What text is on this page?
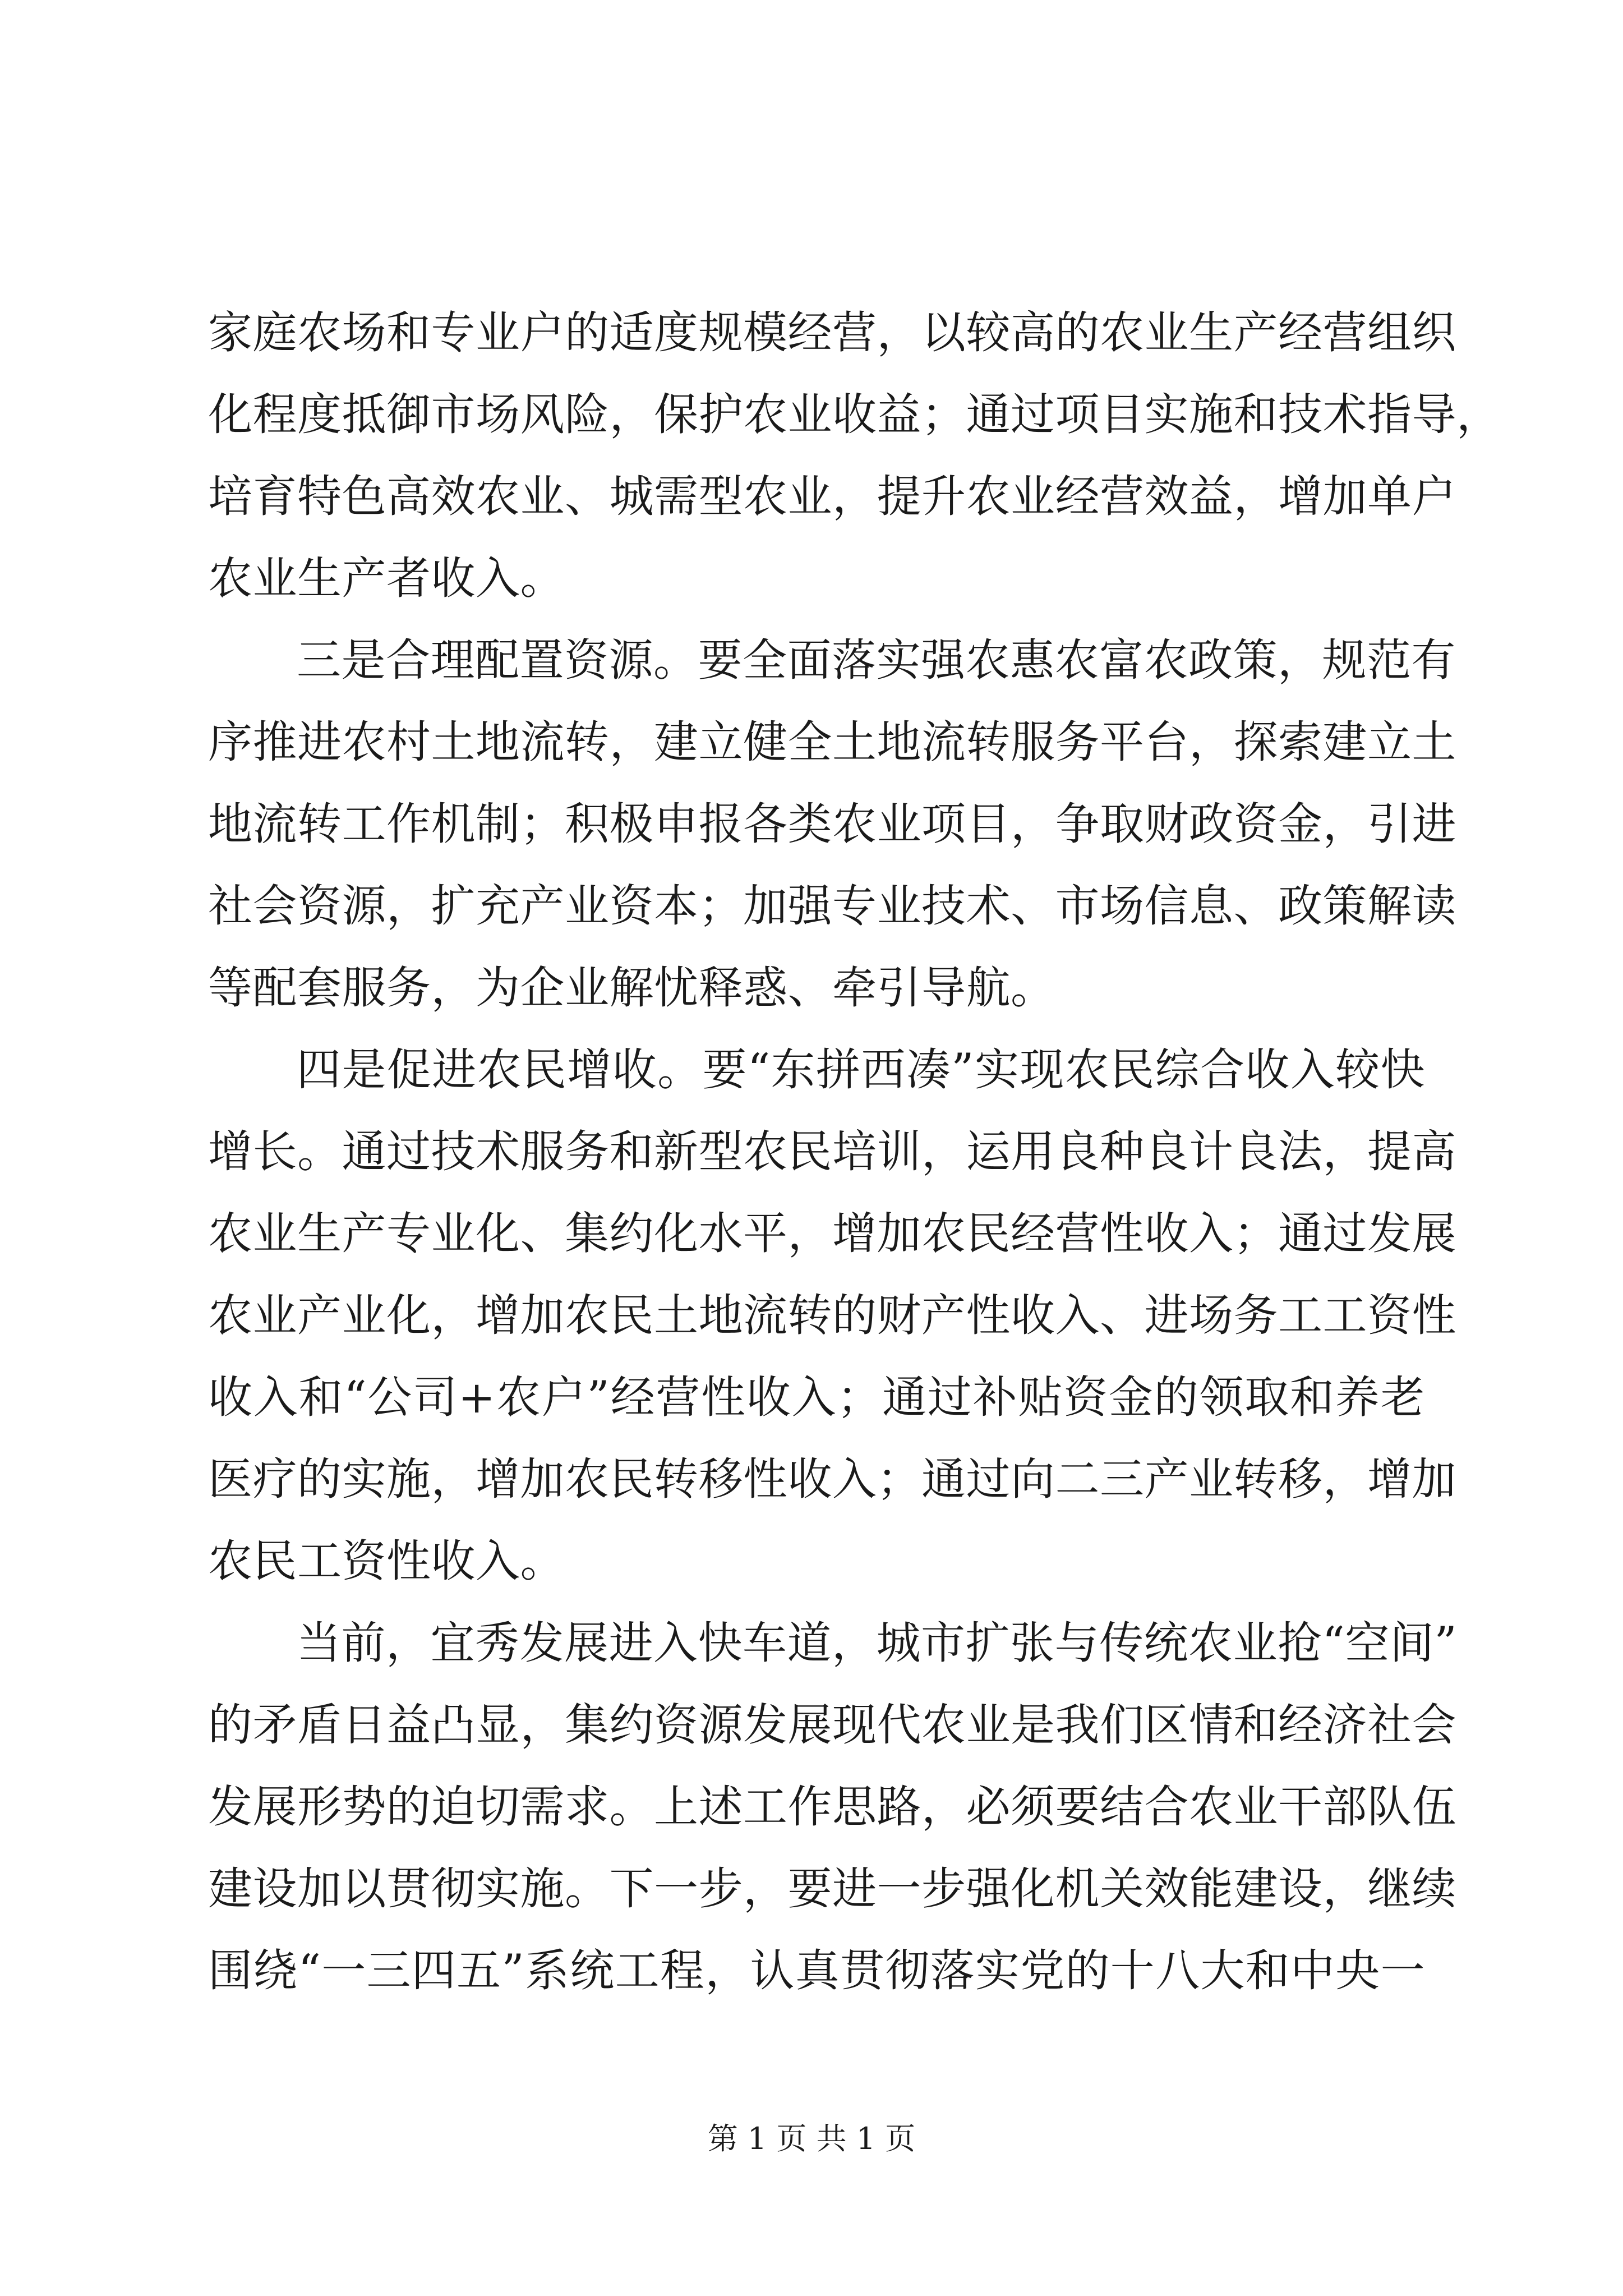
家庭农场和专业户的适度规模经营，以较高的农业生产经营组织
化程度抵御市场风险，保护农业收益；通过项目实施和技术指导，
培育特色高效农业、城需型农业，提升农业经营效益，增加单户
农业生产者收入。
三是合理配置资源。要全面落实强农惠农富农政策，规范有
序推进农村土地流转，建立健全土地流转服务平台，探索建立土
地流转工作机制；积极申报各类农业项目，争取财政资金，引进
社会资源，扩充产业资本；加强专业技术、市场信息、政策解读
等配套服务，为企业解忧释惑、牵引导航。
四是促进农民增收。要“东拼西凑”实现农民综合收入较快
增长。通过技术服务和新型农民培训，运用良种良计良法，提高
农业生产专业化、集约化水平，增加农民经营性收入；通过发展
农业产业化，增加农民土地流转的财产性收入、进场务工工资性
收入和“公司+农户”经营性收入；通过补贴资金的领取和养老
医疗的实施，增加农民转移性收入；通过向二三产业转移，增加
农民工资性收入。
当前，宜秀发展进入快车道，城市扩张与传统农业抢“空间”
的矛盾日益凸显，集约资源发展现代农业是我们区情和经济社会
发展形势的迫切需求。上述工作思路，必须要结合农业干部队伍
建设加以贯彻实施。下一步，要进一步强化机关效能建设，继续
围绕“一三四五”系统工程，认真贯彻落实党的十八大和中央一
第 1 页 共 1 页
